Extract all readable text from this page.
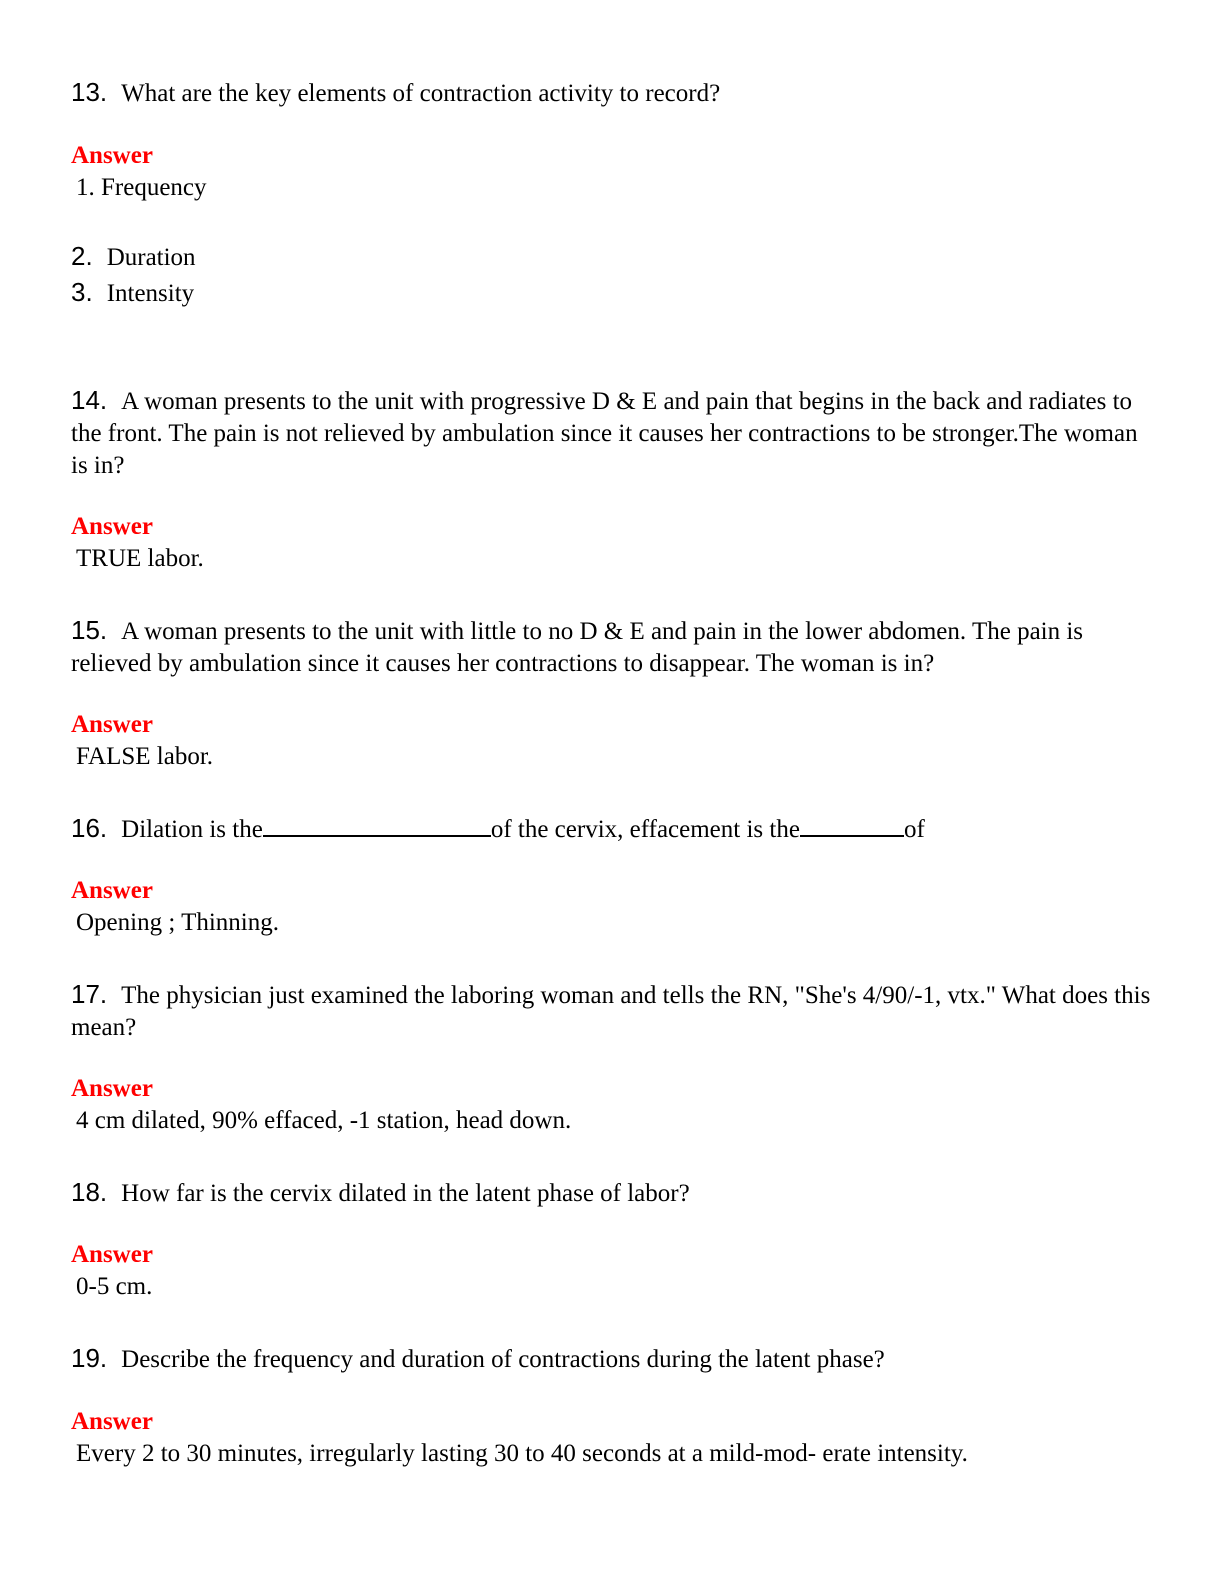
13. What are the key elements of contraction activity to record?
Answer
1. Frequency
2. Duration
3. Intensity
14. A woman presents to the unit with progressive D & E and pain that begins in the back and radiates to the front. The pain is not relieved by ambulation since it causes her contractions to be stronger.The woman is in?
Answer
TRUE labor.
15. A woman presents to the unit with little to no D & E and pain in the lower abdomen. The pain is relieved by ambulation since it causes her contractions to disappear. The woman is in?
Answer
FALSE labor.
16. Dilation is the	of the cervix, effacement is the	of
Answer
Opening ; Thinning.
17. The physician just examined the laboring woman and tells the RN, "She's 4/90/-1, vtx." What does this mean?
Answer
4 cm dilated, 90% effaced, -1 station, head down.
18. How far is the cervix dilated in the latent phase of labor?
Answer
0-5 cm.
19. Describe the frequency and duration of contractions during the latent phase?
Answer
Every 2 to 30 minutes, irregularly lasting 30 to 40 seconds at a mild-mod- erate intensity.
